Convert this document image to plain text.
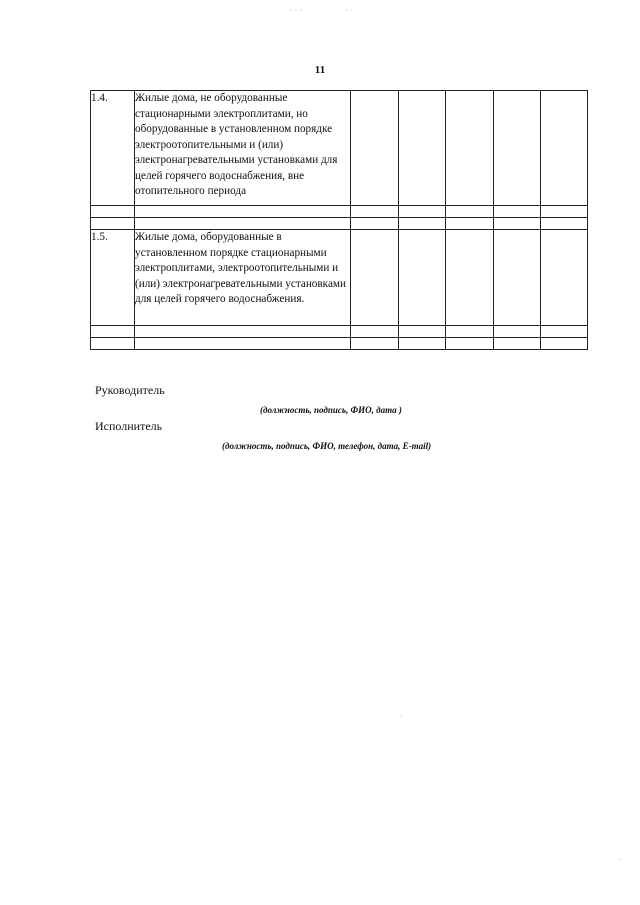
· · ·	· ·
11
1.4.	Жилые дома, не оборудованные стационарными электроплитами, но оборудованные в установленном порядке электроотопительными и (или) электронагревательными установками для целей горячего водоснабжения, вне отопительного периода					

1.5.	Жилые дома, оборудованные в установленном порядке стационарными электроплитами, электроотопительными и (или) электронагревательными установками для целей горячего водоснабжения.					

Руководитель
(должность, подпись, ФИО, дата )
Исполнитель
(должность, подпись, ФИО, телефон, дата, E-mail)
·
·
